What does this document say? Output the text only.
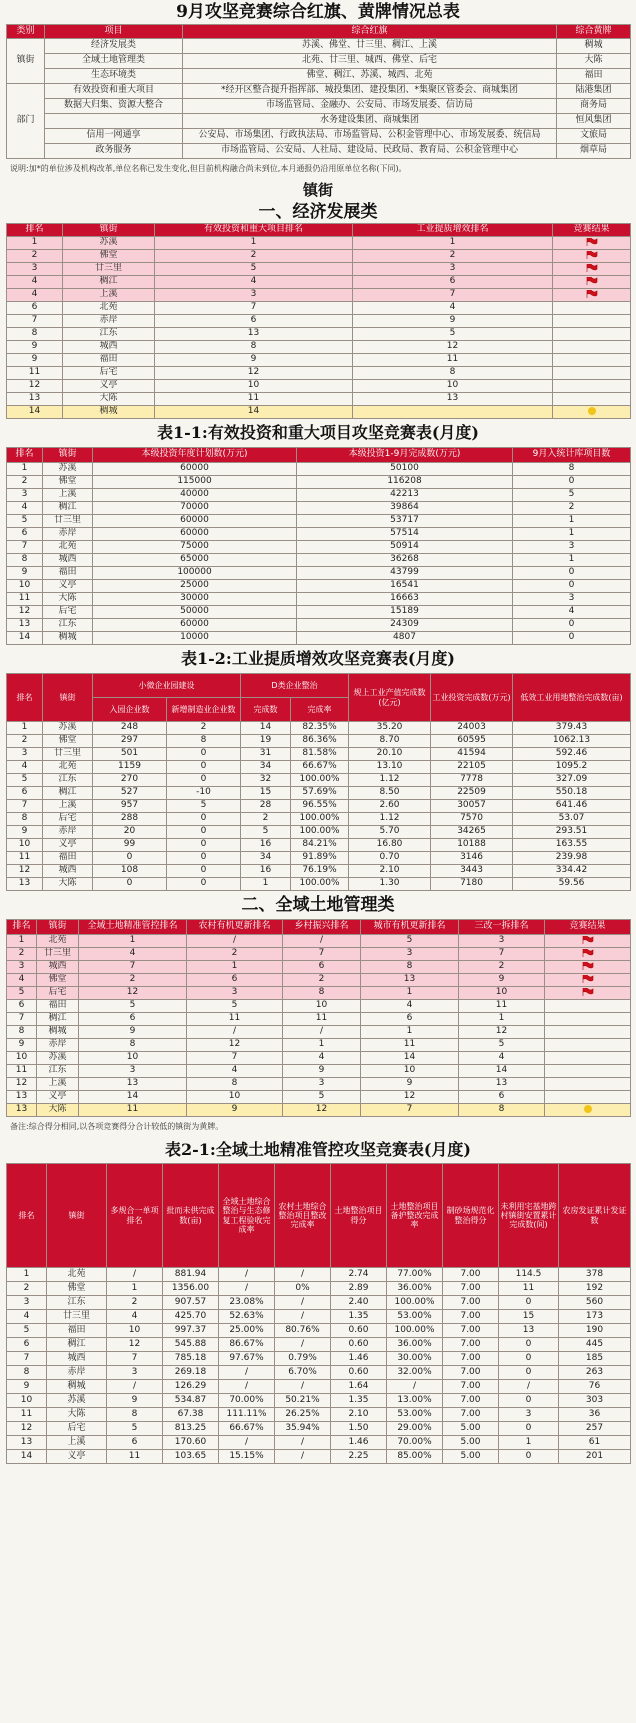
9月攻坚竞赛综合红旗、黄牌情况总表
类别	项目	综合红旗	综合黄牌
镇街	经济发展类	苏溪、佛堂、廿三里、稠江、上溪	稠城
	全域土地管理类	北苑、廿三里、城西、佛堂、后宅	大陈
	生态环境类	佛堂、稠江、苏溪、城西、北苑	福田
部门	有效投资和重大项目	*经开区整合提升指挥部、城投集团、建投集团、*集聚区管委会、商城集团	陆港集团
	数据大归集、资源大整合	市场监管局、金融办、公安局、市场发展委、信访局	商务局
		水务建设集团、商城集团	恒风集团
	信用一网通享	公安局、市场集团、行政执法局、市场监管局、公积金管理中心、市场发展委、统信局	文旅局
	政务服务	市场监管局、公安局、人社局、建设局、民政局、教育局、公积金管理中心	烟草局
说明:加*的单位涉及机构改革,单位名称已发生变化,但目前机构融合尚未到位,本月通报仍沿用原单位名称(下同)。
镇街
一、经济发展类
排名	镇街	有效投资和重大项目排名	工业提质增效排名	竞赛结果
1	苏溪	1	1	
2	佛堂	2	2	
3	廿三里	5	3	
4	稠江	4	6	
4	上溪	3	7	
6	北苑	7	4	
7	赤岸	6	9	
8	江东	13	5	
9	城西	8	12	
9	福田	9	11	
11	后宅	12	8	
12	义亭	10	10	
13	大陈	11	13	
14	稠城	14		
表1-1:有效投资和重大项目攻坚竞赛表(月度)
排名	镇街	本级投资年度计划数(万元)	本级投资1-9月完成数(万元)	9月入统计库项目数
1	苏溪	60000	50100	8
2	佛堂	115000	116208	0
3	上溪	40000	42213	5
4	稠江	70000	39864	2
5	廿三里	60000	53717	1
6	赤岸	60000	57514	1
7	北苑	75000	50914	3
8	城西	65000	36268	1
9	福田	100000	43799	0
10	义亭	25000	16541	0
11	大陈	30000	16663	3
12	后宅	50000	15189	4
13	江东	60000	24309	0
14	稠城	10000	4807	0
表1-2:工业提质增效攻坚竞赛表(月度)
排名	镇街	小微企业园建设		D类企业整治		规上工业产值完成数(亿元)	工业投资完成数(万元)	低效工业用地整治完成数(亩)
		入园企业数	新增制造业企业数	完成数	完成率			
1	苏溪	248	2	14	82.35%	35.20	24003	379.43
2	佛堂	297	8	19	86.36%	8.70	60595	1062.13
3	廿三里	501	0	31	81.58%	20.10	41594	592.46
4	北苑	1159	0	34	66.67%	13.10	22105	1095.2
5	江东	270	0	32	100.00%	1.12	7778	327.09
6	稠江	527	-10	15	57.69%	8.50	22509	550.18
7	上溪	957	5	28	96.55%	2.60	30057	641.46
8	后宅	288	0	2	100.00%	1.12	7570	53.07
9	赤岸	20	0	5	100.00%	5.70	34265	293.51
10	义亭	99	0	16	84.21%	16.80	10188	163.55
11	福田	0	0	34	91.89%	0.70	3146	239.98
12	城西	108	0	16	76.19%	2.10	3443	334.42
13	大陈	0	0	1	100.00%	1.30	7180	59.56
二、全域土地管理类
排名	镇街	全域土地精准管控排名	农村有机更新排名	乡村振兴排名	城市有机更新排名	三改一拆排名	竞赛结果
1	北苑	1	/	/	5	3	
2	廿三里	4	2	7	3	7	
3	城西	7	1	6	8	2	
4	佛堂	2	6	2	13	9	
5	后宅	12	3	8	1	10	
6	福田	5	5	10	4	11	
7	稠江	6	11	11	6	1	
8	稠城	9	/	/	1	12	
9	赤岸	8	12	1	11	5	
10	苏溪	10	7	4	14	4	
11	江东	3	4	9	10	14	
12	上溪	13	8	3	9	13	
13	义亭	14	10	5	12	6	
13	大陈	11	9	12	7	8	
备注:综合得分相同,以各项竞赛得分合计较低的镇街为黄牌。
表2-1:全域土地精准管控攻坚竞赛表(月度)
排名	镇街	多规合一单项排名	批而未供完成数(亩)	全域土地综合整治与生态修复工程验收完成率	农村土地综合整治项目整改完成率	土地整治项目得分	土地整治项目备护整改完成率	制砂场规范化整治得分	未利用宅基地跨村镇街安置累计完成数(间)	农房发证累计发证数
1	北苑	/	881.94	/	/	2.74	77.00%	7.00	114.5	378
2	佛堂	1	1356.00	/	0%	2.89	36.00%	7.00	11	192
3	江东	2	907.57	23.08%	/	2.40	100.00%	7.00	0	560
4	廿三里	4	425.70	52.63%	/	1.35	53.00%	7.00	15	173
5	福田	10	997.37	25.00%	80.76%	0.60	100.00%	7.00	13	190
6	稠江	12	545.88	86.67%	/	0.60	36.00%	7.00	0	445
7	城西	7	785.18	97.67%	0.79%	1.46	30.00%	7.00	0	185
8	赤岸	3	269.18	/	6.70%	0.60	32.00%	7.00	0	263
9	稠城	/	126.29	/	/	1.64	/	7.00	/	76
10	苏溪	9	534.87	70.00%	50.21%	1.35	13.00%	7.00	0	303
11	大陈	8	67.38	111.11%	26.25%	2.10	53.00%	7.00	3	36
12	后宅	5	813.25	66.67%	35.94%	1.50	29.00%	5.00	0	257
13	上溪	6	170.60	/	/	1.46	70.00%	5.00	1	61
14	义亭	11	103.65	15.15%	/	2.25	85.00%	5.00	0	201
